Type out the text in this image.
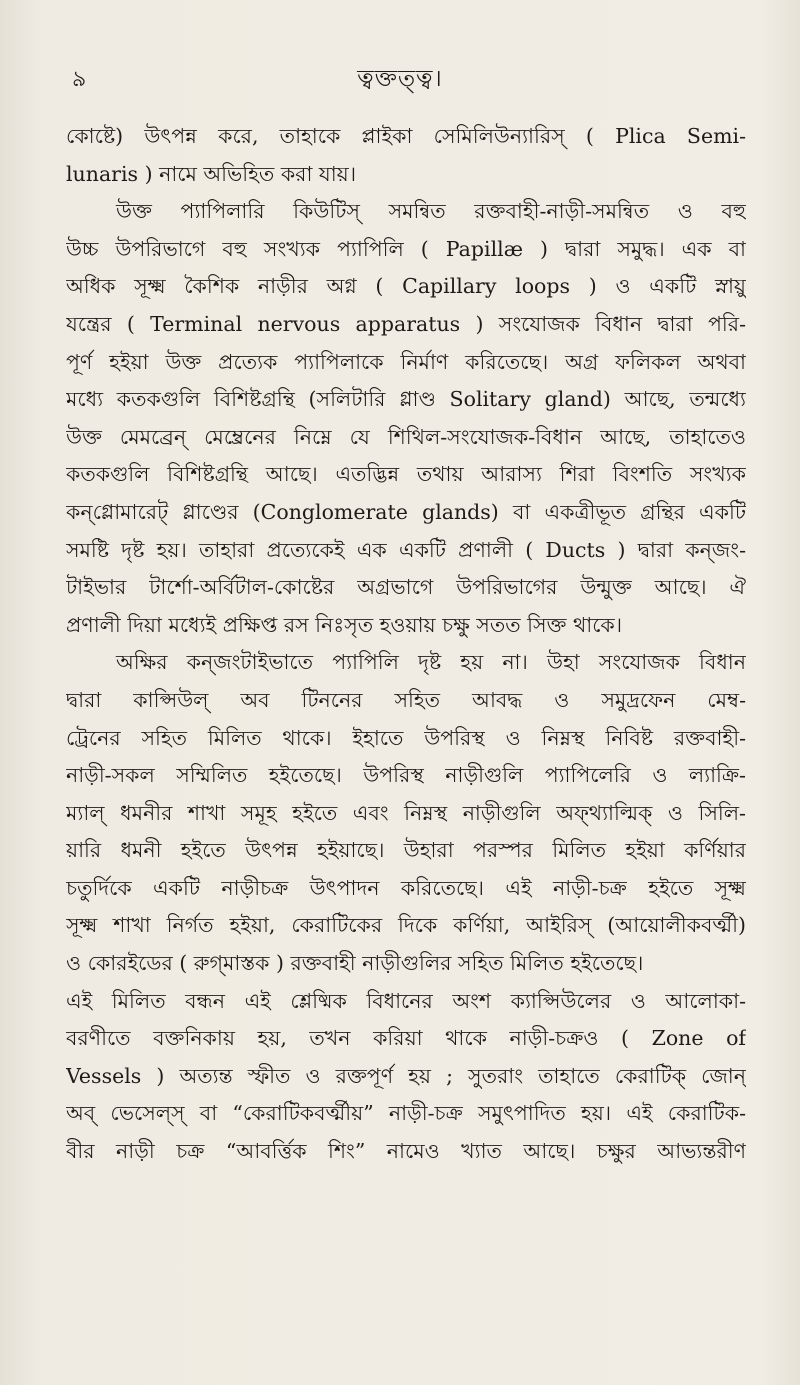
৯	ত্বক্তত্ত্ব।
কোষ্টে) উৎপন্ন করে, তাহাকে প্লাইকা সেমিলিউন্যারিস্‌ ( Plica Semi-
lunaris ) নামে অভিহিত করা যায়।
উক্ত প্যাপিলারি কিউটিস্‌ সমন্বিত রক্তবাহী-নাড়ী-সমন্বিত ও বহু
উচ্চ উপরিভাগে বহু সংখ্যক প্যাপিলি ( Papillæ ) দ্বারা সমুদ্ধ। এক বা
অধিক সূক্ষ্ম কৈশিক নাড়ীর অগ্ন ( Capillary loops ) ও একটি স্নায়ু
যন্ত্রের ( Terminal nervous apparatus ) সংযোজক বিধান দ্বারা পরি-
পূর্ণ হইয়া উক্ত প্রত্যেক প্যাপিলাকে নির্মাণ করিতেছে। অগ্র ফলিকল অথবা
মধ্যে কতকগুলি বিশিষ্টগ্রন্থি (সলিটারি গ্লাণ্ড Solitary gland) আছে, তন্মধ্যে
উক্ত মেমব্রেন্‌ মেম্ব্রেনের নিম্নে যে শিথিল-সংযোজক-বিধান আছে, তাহাতেও
কতকগুলি বিশিষ্টগ্রন্থি আছে। এতদ্ভিন্ন তথায় আরাস্য শিরা বিংশতি সংখ্যক
কন্‌গ্লোমারেট্‌ গ্লাণ্ডের (Conglomerate glands) বা একত্রীভূত গ্রন্থির একটি
সমষ্টি দৃষ্ট হয়। তাহারা প্রত্যেকেই এক একটি প্রণালী ( Ducts ) দ্বারা কন্‌জং-
টাইভার টার্শো-অর্বিটাল-কোষ্টের অগ্রভাগে উপরিভাগের উন্মুক্ত আছে। ঐ
প্রণালী দিয়া মধ্যেই প্রক্ষিপ্ত রস নিঃসৃত হওয়ায় চক্ষু সতত সিক্ত থাকে।
অক্ষির কন্‌জংটাইভাতে প্যাপিলি দৃষ্ট হয় না। উহা সংযোজক বিধান
দ্বারা কাপ্সিউল্‌ অব টিননের সহিত আবদ্ধ ও সমুদ্রফেন মেম্ব-
ট্রেনের সহিত মিলিত থাকে। ইহাতে উপরিস্থ ও নিম্নস্থ নিবিষ্ট রক্তবাহী-
নাড়ী-সকল সম্মিলিত হইতেছে। উপরিস্থ নাড়ীগুলি প্যাপিলেরি ও ল্যাক্রি-
ম্যাল্‌ ধমনীর শাখা সমূহ হইতে এবং নিম্নস্থ নাড়ীগুলি অফ্‌থ্যাল্মিক্‌ ও সিলি-
য়ারি ধমনী হইতে উৎপন্ন হইয়াছে। উহারা পরস্পর মিলিত হইয়া কর্ণিয়ার
চতুর্দিকে একটি নাড়ীচক্র উৎপাদন করিতেছে। এই নাড়ী-চক্র হইতে সূক্ষ্ম
সূক্ষ্ম শাখা নির্গত হইয়া, কেরাটিকের দিকে কর্ণিয়া, আইরিস্‌ (আয়োলীকবর্ত্মী)
ও কোরইডের ( রুগ্‌মাস্তক ) রক্তবাহী নাড়ীগুলির সহিত মিলিত হইতেছে।
এই মিলিত বন্ধন এই শ্লেষ্মিক বিধানের অংশ ক্যাপ্সিউলের ও আলোকা-
বরণীতে বক্তনিকায় হয়, তখন করিয়া থাকে নাড়ী-চক্রও ( Zone of
Vessels ) অত্যন্ত স্ফীত ও রক্তপূর্ণ হয় ; সুতরাং তাহাতে কেরাটিক্‌ জোন্‌
অব্‌ ভেসেল্‌স্‌ বা “কেরাটিকবর্ত্মীয়” নাড়ী-চক্র সমুৎপাদিত হয়। এই কেরাটিক-
বীর নাড়ী চক্র “আবর্ত্তিক শিং” নামেও খ্যাত আছে। চক্ষুর আভ্যন্তরীণ
